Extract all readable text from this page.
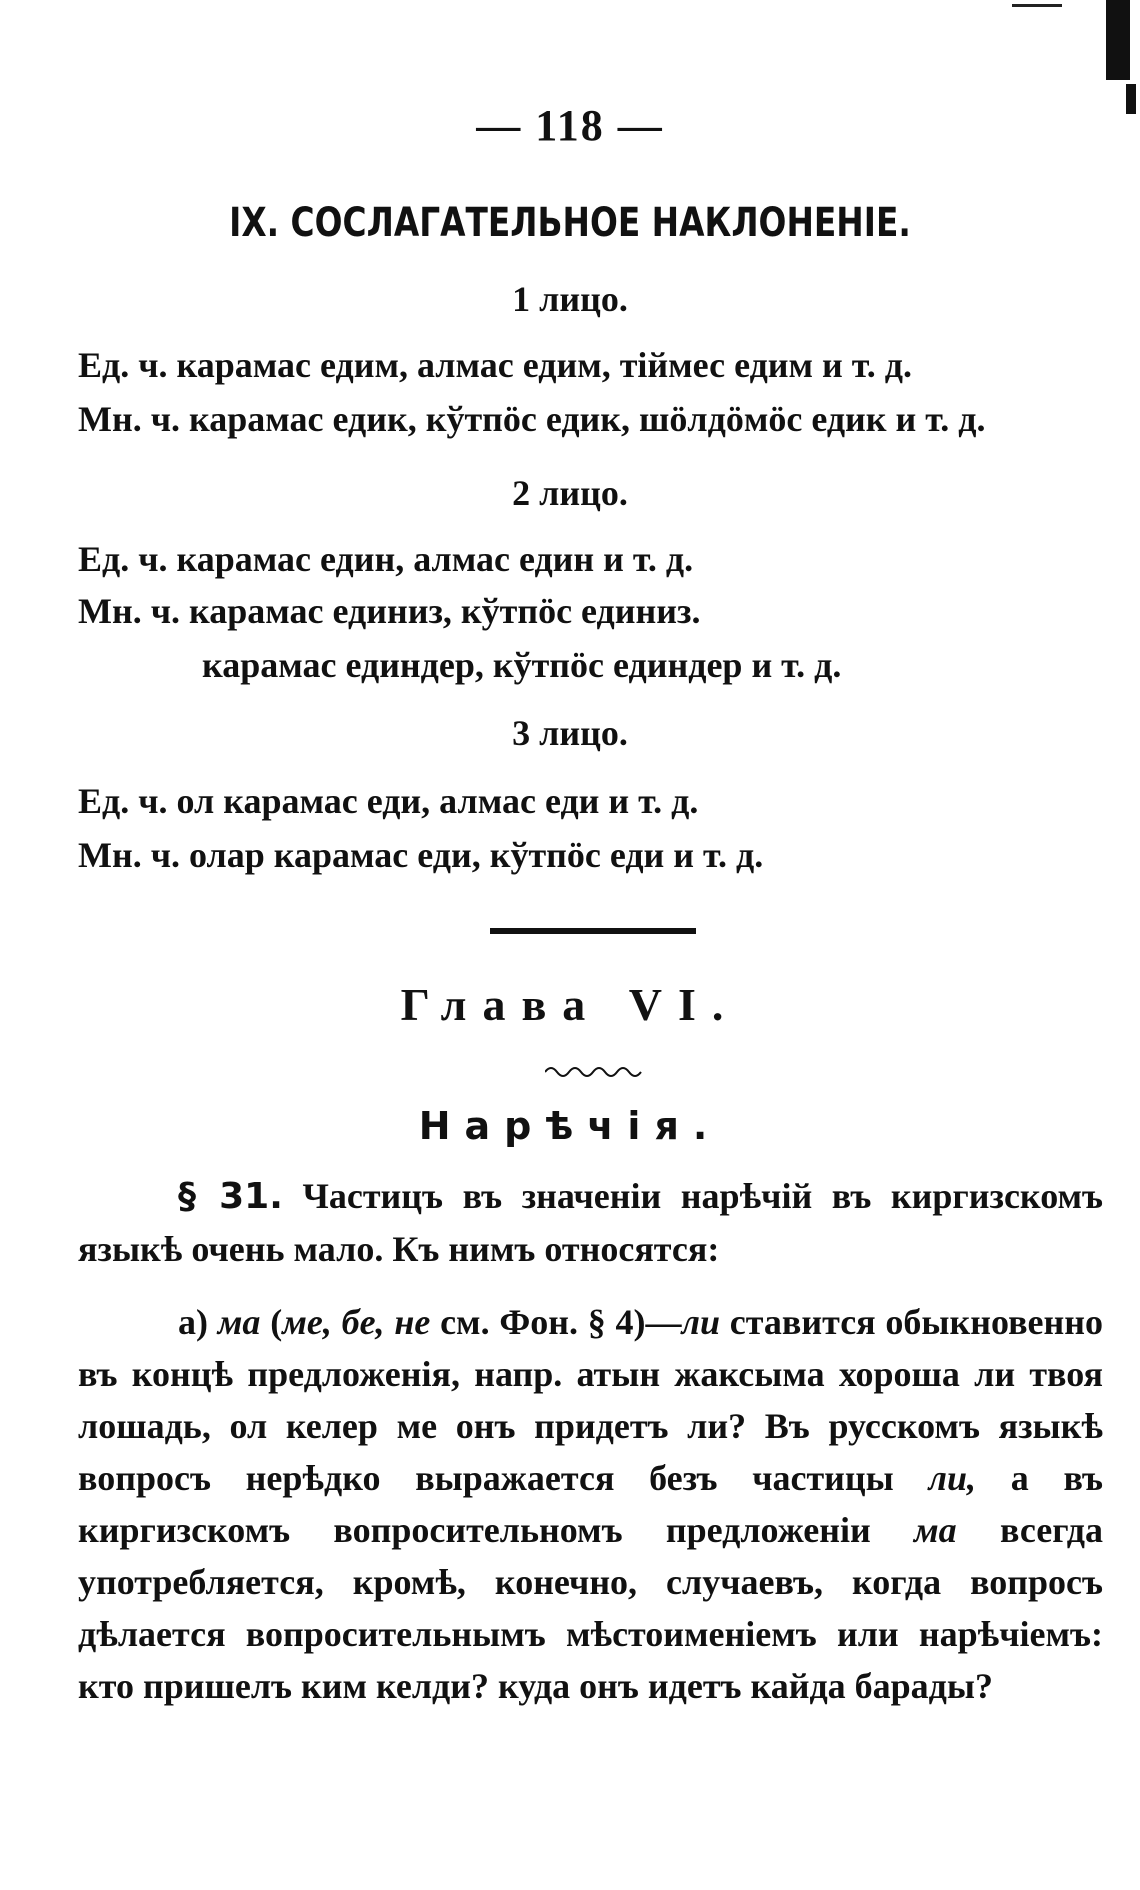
— 118 —
IX. СОСЛАГАТЕЛЬНОЕ НАКЛОНЕНIЕ.
1 лицо.
Ед. ч. карамас едим, алмас едим, тiймес едим и т. д.
Мн. ч. карамас едик, кўтпöс едик, шöлдöмöс едик и т. д.
2 лицо.
Ед. ч. карамас един, алмас един и т. д.
Мн. ч. карамас единиз, кўтпöс единиз.
карамас единдер, кўтпöс единдер и т. д.
3 лицо.
Ед. ч. ол карамас еди, алмас еди и т. д.
Мн. ч. олар карамас еди, кўтпöс еди и т. д.
Глава VI.
Нарѣчiя.

§ 31. Частицъ въ значенiи нарѣчiй въ киргизскомъ языкѣ очень мало. Къ нимъ относятся:

а) ма (ме, бе, не см. Фон. § 4)—ли ставится обыкновенно въ концѣ предложенiя, напр. атын жаксыма хороша ли твоя лошадь, ол келер ме онъ придетъ ли? Въ русскомъ языкѣ вопросъ нерѣдко выражается безъ частицы ли, а въ киргизскомъ вопросительномъ предложенiи ма всегда употребляется, кромѣ, конечно, случаевъ, когда вопросъ дѣлается вопросительнымъ мѣстоименiемъ или нарѣчiемъ: кто пришелъ ким келди? куда онъ идетъ кайда барады?
